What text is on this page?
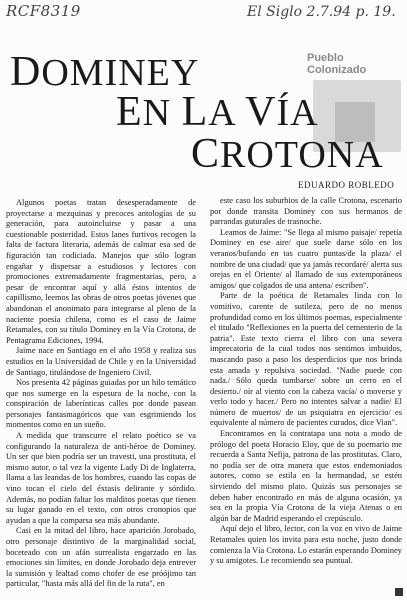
RCF8319	El Siglo 2.7.94 p. 19.
Pueblo Colonizado
DOMINEY
EN LA VÍA
CROTONA
EDUARDO ROBLEDO

Algunos poetas tratan desesperadamente de proyectarse a mezquinas y precoces antologías de su generación, para autoincluirse y pasar a una cuestionable posteridad. Estos lanes furtivos recogen la falta de factura literaria, además de calmar esa sed de figuración tan codiciada. Manejos que sólo logran engañar y dispersar a estudiosos y lectores con promociones extremadamente fragmentarias, pero, a pesar de encontrar aquí y allá éstos intentos de capillismo, leemos las obras de otros poetas jóvenes que abandonan el anonimato para integrarse al pleno de la naciente poesía chilena, como es el caso de Jaime Retamales, con su título Dominey en la Vía Crotona, de Pentagrama Ediciones, 1994.

Jaime nace en Santiago en el año 1958 y realiza sus estudios en la Universidad de Chile y en la Universidad de Santiago, titulándose de Ingeniero Civil.

Nos presenta 42 páginas guiadas por un hilo temático que nos sumerge en la espesura de la noche, con la conspiración de laberínticas calles por donde pasean personajes fantasmagóricos que van esgrimiendo los momentos como en un sueño.

A medida que transcurre el relato poético se va configurando la naturaleza de anti-héroe de Dominey. Un ser que bien podría ser un travesti, una prostituta, el mismo autor, o tal vez la vigente Lady Di de Inglaterra, llama a las leandas de los hombres, cuando las copas de vino tocan el cielo del éxtasis delirante y sórdido. Además, no podían faltar los malditos poetas que tienen su lugar ganado en el texto, con otros cronopios que ayudan a que la comparsa sea más abundante.

Casi en la mitad del libro, hace aparición Jorobado, otro personaje distintivo de la marginalidad social, boceteado con un afán surrealista engarzado en las emociones sin límites, en donde Jorobado deja entrever la sumisión y lealtad como chofer de ese próójimo tan particular, "hasta más allá del fin de la ruta", en

este caso los suburbios de la calle Crotona, escenario por donde transita Dominey con sus hermanos de parrandas guturales de trasnoche.

Leamos de Jaime: "Se llega al mismo paisaje/ repetía Dominey en ese aire/ que suele darse sólo en los veranos/bufando en tas cuatro puntas/de la plaza/ el nombre de una ciudad/ que ya jamás recordaré/ alerta sus orejas en el Oriente/ al llamado de sus extemporáneos amigos/ que colgados de una antena/ escriben".

Parte de la poética de Retamales linda con lo vomitivo, carente de sutileza, pero de no menos profundidad como en los últimos poemas, especialmente el titulado "Reflexiones en la puerta del cementerio de la patria". Este texto cierra el libro con una severa imprecatoria de la cual todos nos sentimos imbuidos, mascando paso a paso los desperdicios que nos brinda esta amada y repulsiva sociedad. "Nadie puede con nada./ Sólo queda tumbarse/ sobre un cerro en el desierto./ oír al viento con la cabeza vacía/ o moverse y verlo todo y hacer./ Pero no intentes salvar a nadie/ El número de muertos/ de un psiquiatra en ejercicio/ es equivalente al número de pacientes curados, dice Vian".

Encontramos en la contratapa una nota a modo de prólogo del poeta Horacio Eloy, que de su poemario me recuerda a Santa Nefija, patrona de las prostitutas. Claro, no podía ser de otra manera que estos endemoniados autores, como se estila en la hermandad, se estén sirviendo del mismo plato. Quizás sus personajes se deben haber encontrado en más de alguna ocasión, ya sea en la propia Vía Crotona de la vieja Atenas o en algún bar de Madrid esperando el crepúsculo.

Aquí dejo el libro, lector, con la voz en vivo de Jaime Retamales quien los invita para esta noche, justo donde comienza la Vía Crotona. Lo estarán esperando Dominey y su amigotes. Le recomiendo sea puntual.
